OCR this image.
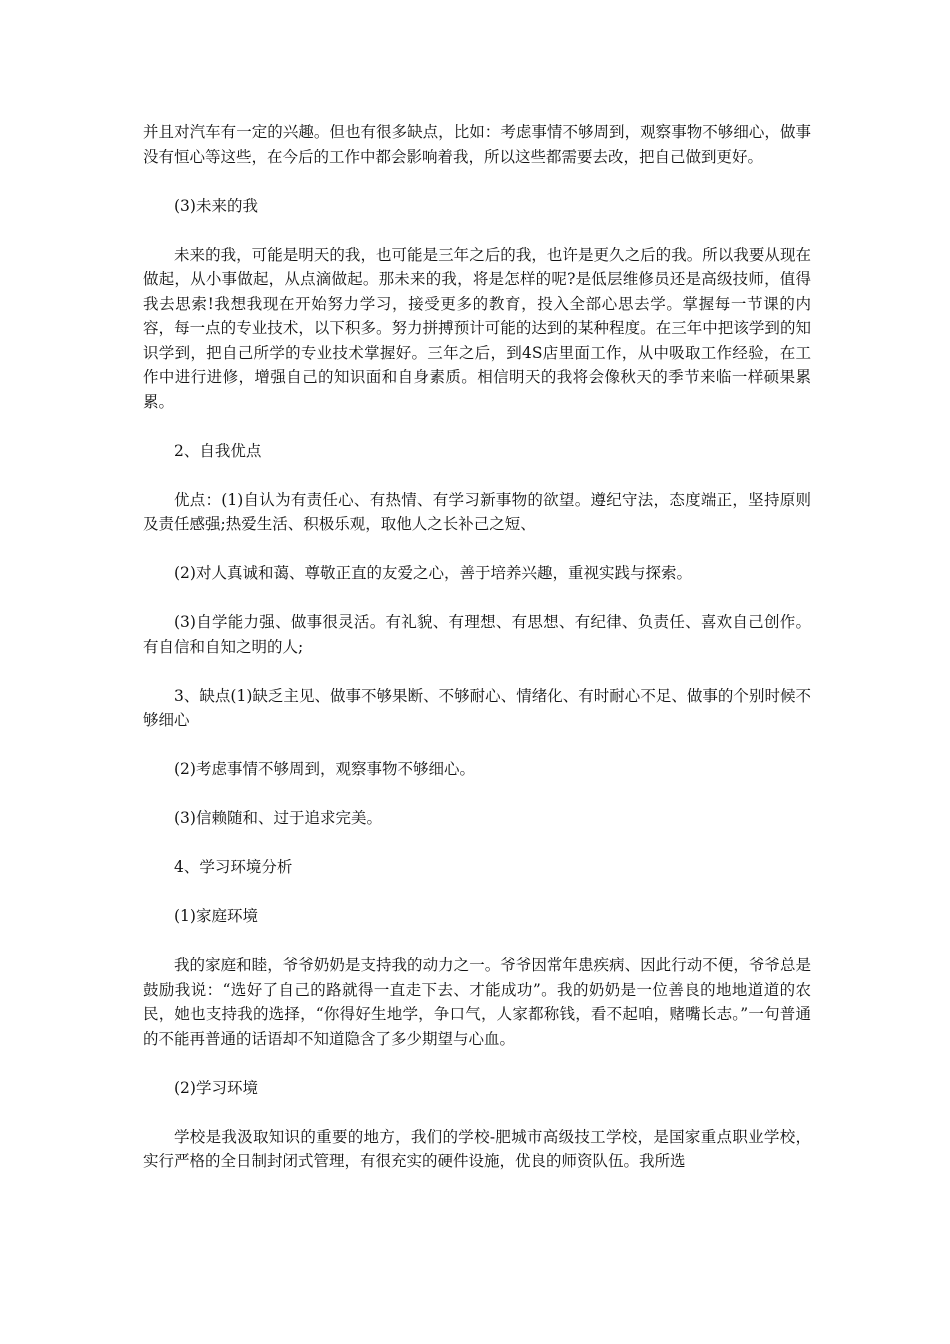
并且对汽车有一定的兴趣。但也有很多缺点，比如：考虑事情不够周到，观察事物不够细心，做事没有恒心等这些，在今后的工作中都会影响着我，所以这些都需要去改，把自己做到更好。

(3)未来的我

未来的我，可能是明天的我，也可能是三年之后的我，也许是更久之后的我。所以我要从现在做起，从小事做起，从点滴做起。那未来的我，将是怎样的呢?是低层维修员还是高级技师，值得我去思索!我想我现在开始努力学习，接受更多的教育，投入全部心思去学。掌握每一节课的内容，每一点的专业技术，以下积多。努力拼搏预计可能的达到的某种程度。在三年中把该学到的知识学到，把自己所学的专业技术掌握好。三年之后，到4S店里面工作，从中吸取工作经验，在工作中进行进修，增强自己的知识面和自身素质。相信明天的我将会像秋天的季节来临一样硕果累累。

2、自我优点

优点：(1)自认为有责任心、有热情、有学习新事物的欲望。遵纪守法，态度端正，坚持原则及责任感强;热爱生活、积极乐观，取他人之长补己之短、

(2)对人真诚和蔼、尊敬正直的友爱之心，善于培养兴趣，重视实践与探索。

(3)自学能力强、做事很灵活。有礼貌、有理想、有思想、有纪律、负责任、喜欢自己创作。有自信和自知之明的人;

3、缺点(1)缺乏主见、做事不够果断、不够耐心、情绪化、有时耐心不足、做事的个别时候不够细心

(2)考虑事情不够周到，观察事物不够细心。

(3)信赖随和、过于追求完美。

4、学习环境分析

(1)家庭环境

我的家庭和睦，爷爷奶奶是支持我的动力之一。爷爷因常年患疾病、因此行动不便，爷爷总是鼓励我说：“选好了自己的路就得一直走下去、才能成功”。我的奶奶是一位善良的地地道道的农民，她也支持我的选择，“你得好生地学，争口气，人家都称钱，看不起咱，赌嘴长志。”一句普通的不能再普通的话语却不知道隐含了多少期望与心血。

(2)学习环境

学校是我汲取知识的重要的地方，我们的学校-肥城市高级技工学校，是国家重点职业学校，实行严格的全日制封闭式管理，有很充实的硬件设施，优良的师资队伍。我所选
